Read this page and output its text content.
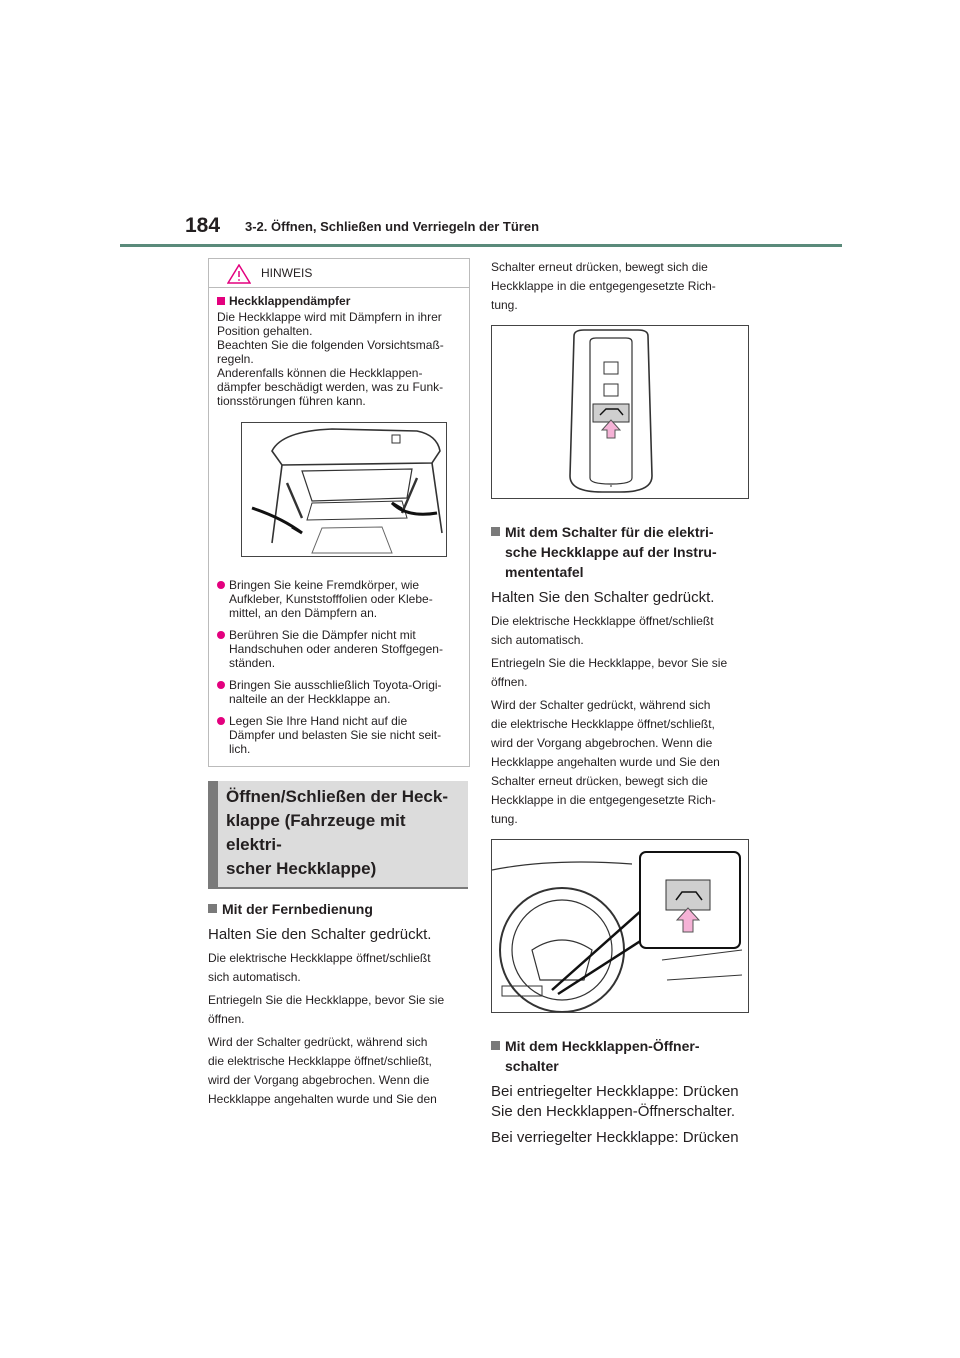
184 3-2. Öffnen, Schließen und Verriegeln der Türen
HINWEIS
Heckklappendämpfer
Die Heckklappe wird mit Dämpfern in ihrer
Position gehalten.
Beachten Sie die folgenden Vorsichtsmaß-
regeln.
Anderenfalls können die Heckklappen-
dämpfer beschädigt werden, was zu Funk-
tionsstörungen führen kann.
Bringen Sie keine Fremdkörper, wie
Aufkleber, Kunststofffolien oder Klebe-
mittel, an den Dämpfern an.
Berühren Sie die Dämpfer nicht mit
Handschuhen oder anderen Stoffgegen-
ständen.
Bringen Sie ausschließlich Toyota-Origi-
nalteile an der Heckklappe an.
Legen Sie Ihre Hand nicht auf die
Dämpfer und belasten Sie sie nicht seit-
lich.
Öffnen/Schließen der Heck-
klappe (Fahrzeuge mit elektri-
scher Heckklappe)
Mit der Fernbedienung
Halten Sie den Schalter gedrückt.
Die elektrische Heckklappe öffnet/schließt
sich automatisch.
Entriegeln Sie die Heckklappe, bevor Sie sie
öffnen.
Wird der Schalter gedrückt, während sich
die elektrische Heckklappe öffnet/schließt,
wird der Vorgang abgebrochen. Wenn die
Heckklappe angehalten wurde und Sie den
Schalter erneut drücken, bewegt sich die
Heckklappe in die entgegengesetzte Rich-
tung.
Mit dem Schalter für die elektri-
sche Heckklappe auf der Instru-
mententafel
Halten Sie den Schalter gedrückt.
Die elektrische Heckklappe öffnet/schließt
sich automatisch.
Entriegeln Sie die Heckklappe, bevor Sie sie
öffnen.
Wird der Schalter gedrückt, während sich
die elektrische Heckklappe öffnet/schließt,
wird der Vorgang abgebrochen. Wenn die
Heckklappe angehalten wurde und Sie den
Schalter erneut drücken, bewegt sich die
Heckklappe in die entgegengesetzte Rich-
tung.
Mit dem Heckklappen-Öffner-
schalter
Bei entriegelter Heckklappe: Drücken
Sie den Heckklappen-Öffnerschalter.
Bei verriegelter Heckklappe: Drücken
